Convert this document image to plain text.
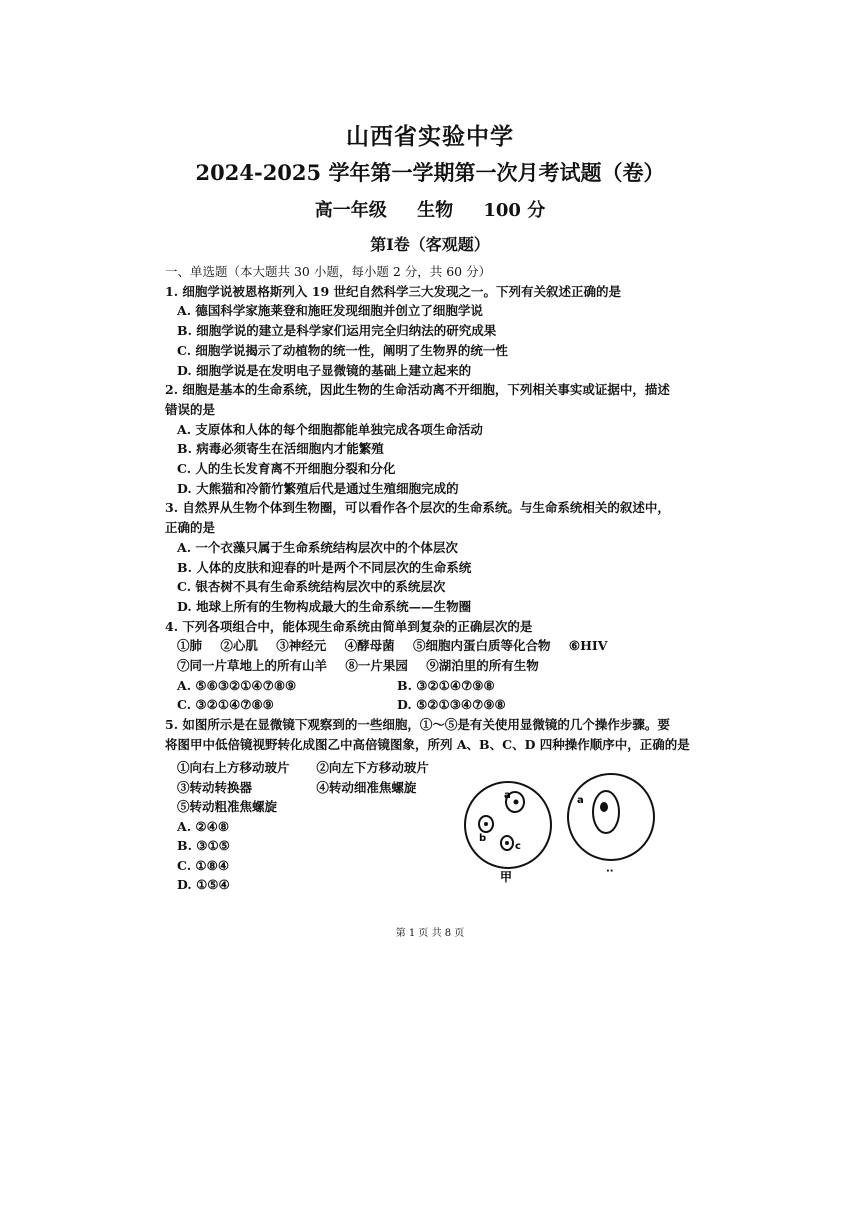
山西省实验中学
2024-2025 学年第一学期第一次月考试题（卷）
高一年级 生物 100 分
第Ⅰ卷（客观题）
一、单选题（本大题共 30 小题，每小题 2 分，共 60 分）
1. 细胞学说被恩格斯列入 19 世纪自然科学三大发现之一。下列有关叙述正确的是
A. 德国科学家施莱登和施旺发现细胞并创立了细胞学说
B. 细胞学说的建立是科学家们运用完全归纳法的研究成果
C. 细胞学说揭示了动植物的统一性，阐明了生物界的统一性
D. 细胞学说是在发明电子显微镜的基础上建立起来的
2. 细胞是基本的生命系统，因此生物的生命活动离不开细胞，下列相关事实或证据中，描述
错误的是
A. 支原体和人体的每个细胞都能单独完成各项生命活动
B. 病毒必须寄生在活细胞内才能繁殖
C. 人的生长发育离不开细胞分裂和分化
D. 大熊猫和冷箭竹繁殖后代是通过生殖细胞完成的
3. 自然界从生物个体到生物圈，可以看作各个层次的生命系统。与生命系统相关的叙述中，
正确的是
A. 一个衣藻只属于生命系统结构层次中的个体层次
B. 人体的皮肤和迎春的叶是两个不同层次的生命系统
C. 银杏树不具有生命系统结构层次中的系统层次
D. 地球上所有的生物构成最大的生命系统——生物圈
4. 下列各项组合中，能体现生命系统由简单到复杂的正确层次的是
①肺 ②心肌 ③神经元 ④酵母菌 ⑤细胞内蛋白质等化合物 ⑥HIV
⑦同一片草地上的所有山羊 ⑧一片果园 ⑨湖泊里的所有生物
A. ⑤⑥③②①④⑦⑧⑨	B. ③②①④⑦⑨⑧
C. ③②①④⑦⑧⑨	D. ⑤②①③④⑦⑨⑧
5. 如图所示是在显微镜下观察到的一些细胞，①～⑤是有关使用显微镜的几个操作步骤。要
将图甲中低倍镜视野转化成图乙中高倍镜图象，所列 A、B、C、D 四种操作顺序中，正确的是
①向右上方移动玻片 ②向左下方移动玻片
③转动转换器	④转动细准焦螺旋
⑤转动粗准焦螺旋
A. ②④⑧
B. ③①⑤
C. ①⑧④
D. ①⑤④
a
b
c
甲
a
··
第 1 页 共 8 页
